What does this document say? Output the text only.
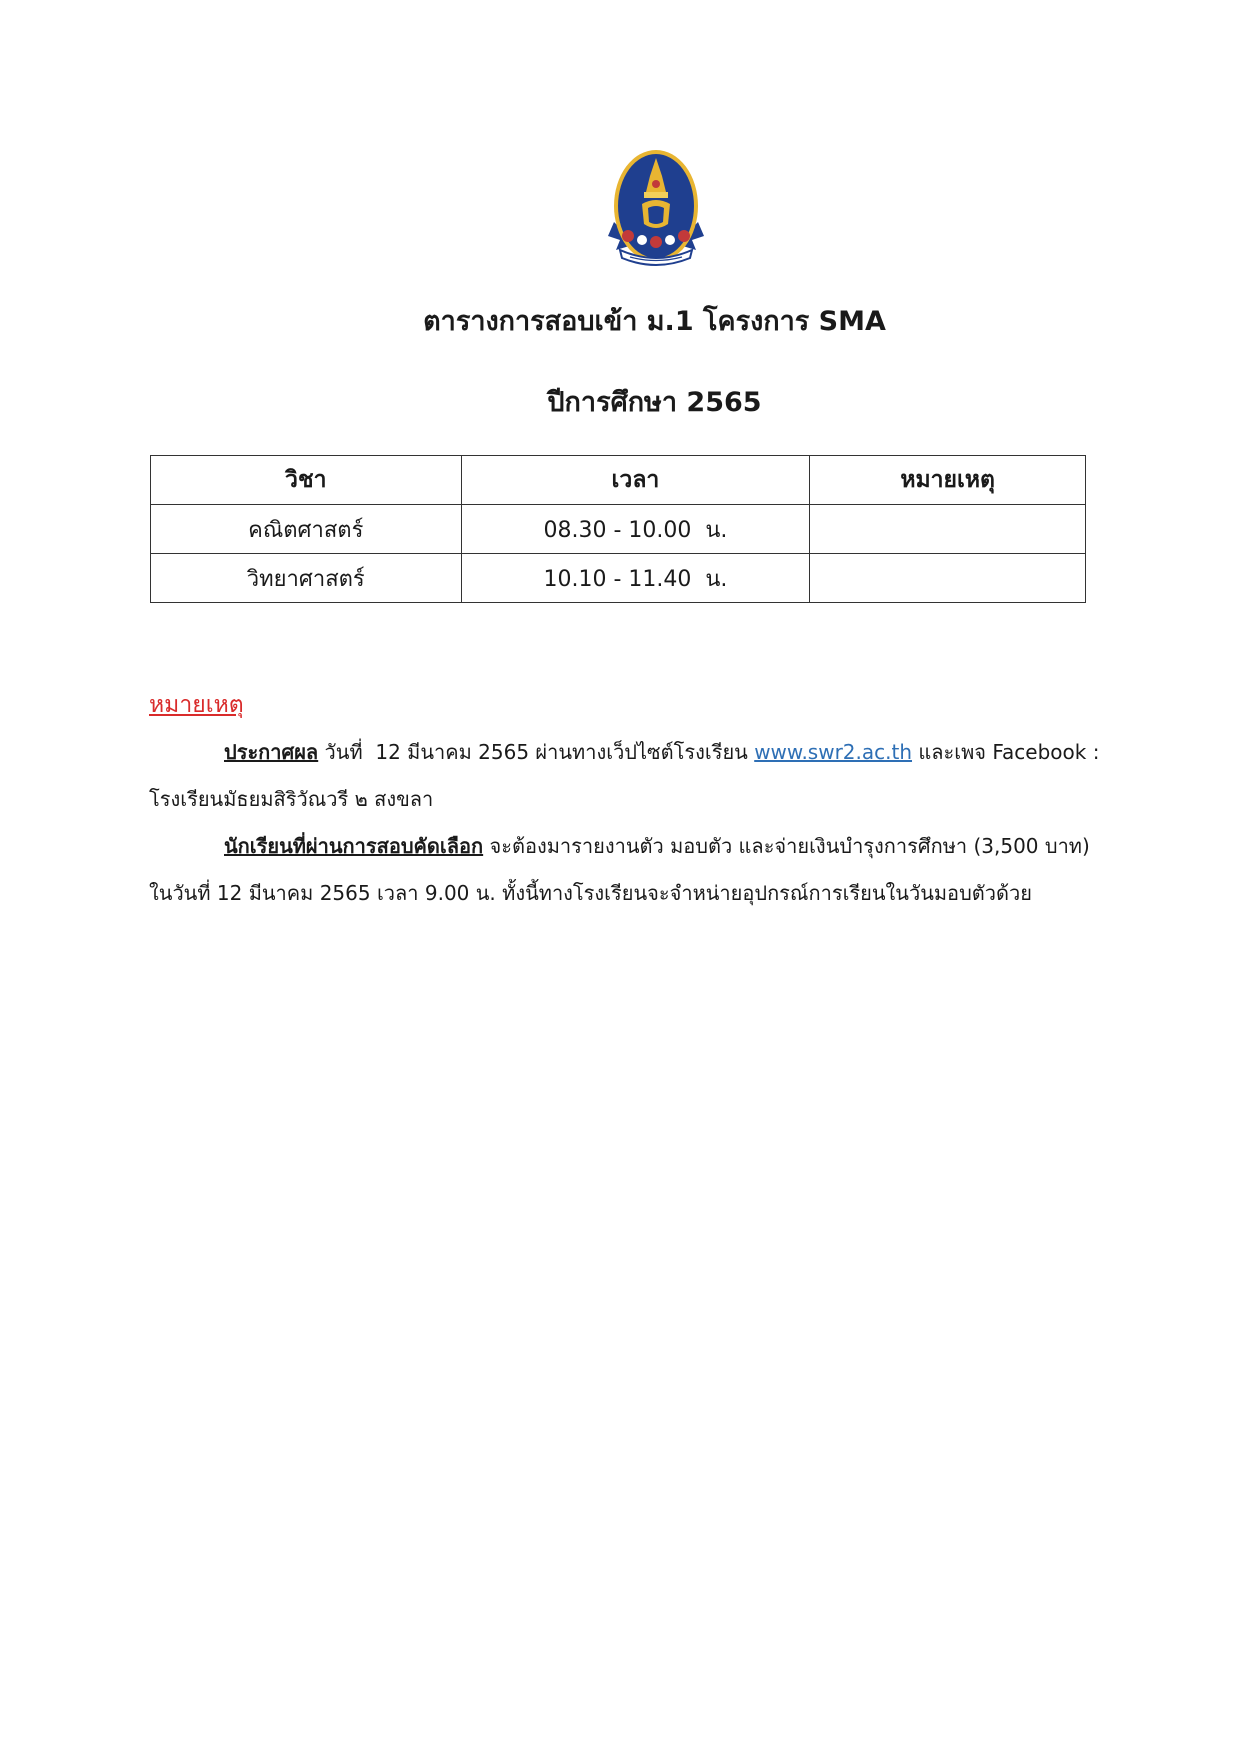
ตารางการสอบเข้า ม.1 โครงการ SMA
ปีการศึกษา 2565
วิชา	เวลา	หมายเหตุ
คณิตศาสตร์	08.30 - 10.00  น.	
วิทยาศาสตร์	10.10 - 11.40  น.	
หมายเหตุ

ประกาศผล วันที่  12 มีนาคม 2565 ผ่านทางเว็ปไซต์โรงเรียน www.swr2.ac.th และเพจ Facebook : โรงเรียนมัธยมสิริวัณวรี ๒ สงขลา

นักเรียนที่ผ่านการสอบคัดเลือก จะต้องมารายงานตัว มอบตัว และจ่ายเงินบำรุงการศึกษา (3,500 บาท) ในวันที่ 12 มีนาคม 2565 เวลา 9.00 น. ทั้งนี้ทางโรงเรียนจะจำหน่ายอุปกรณ์การเรียนในวันมอบตัวด้วย
